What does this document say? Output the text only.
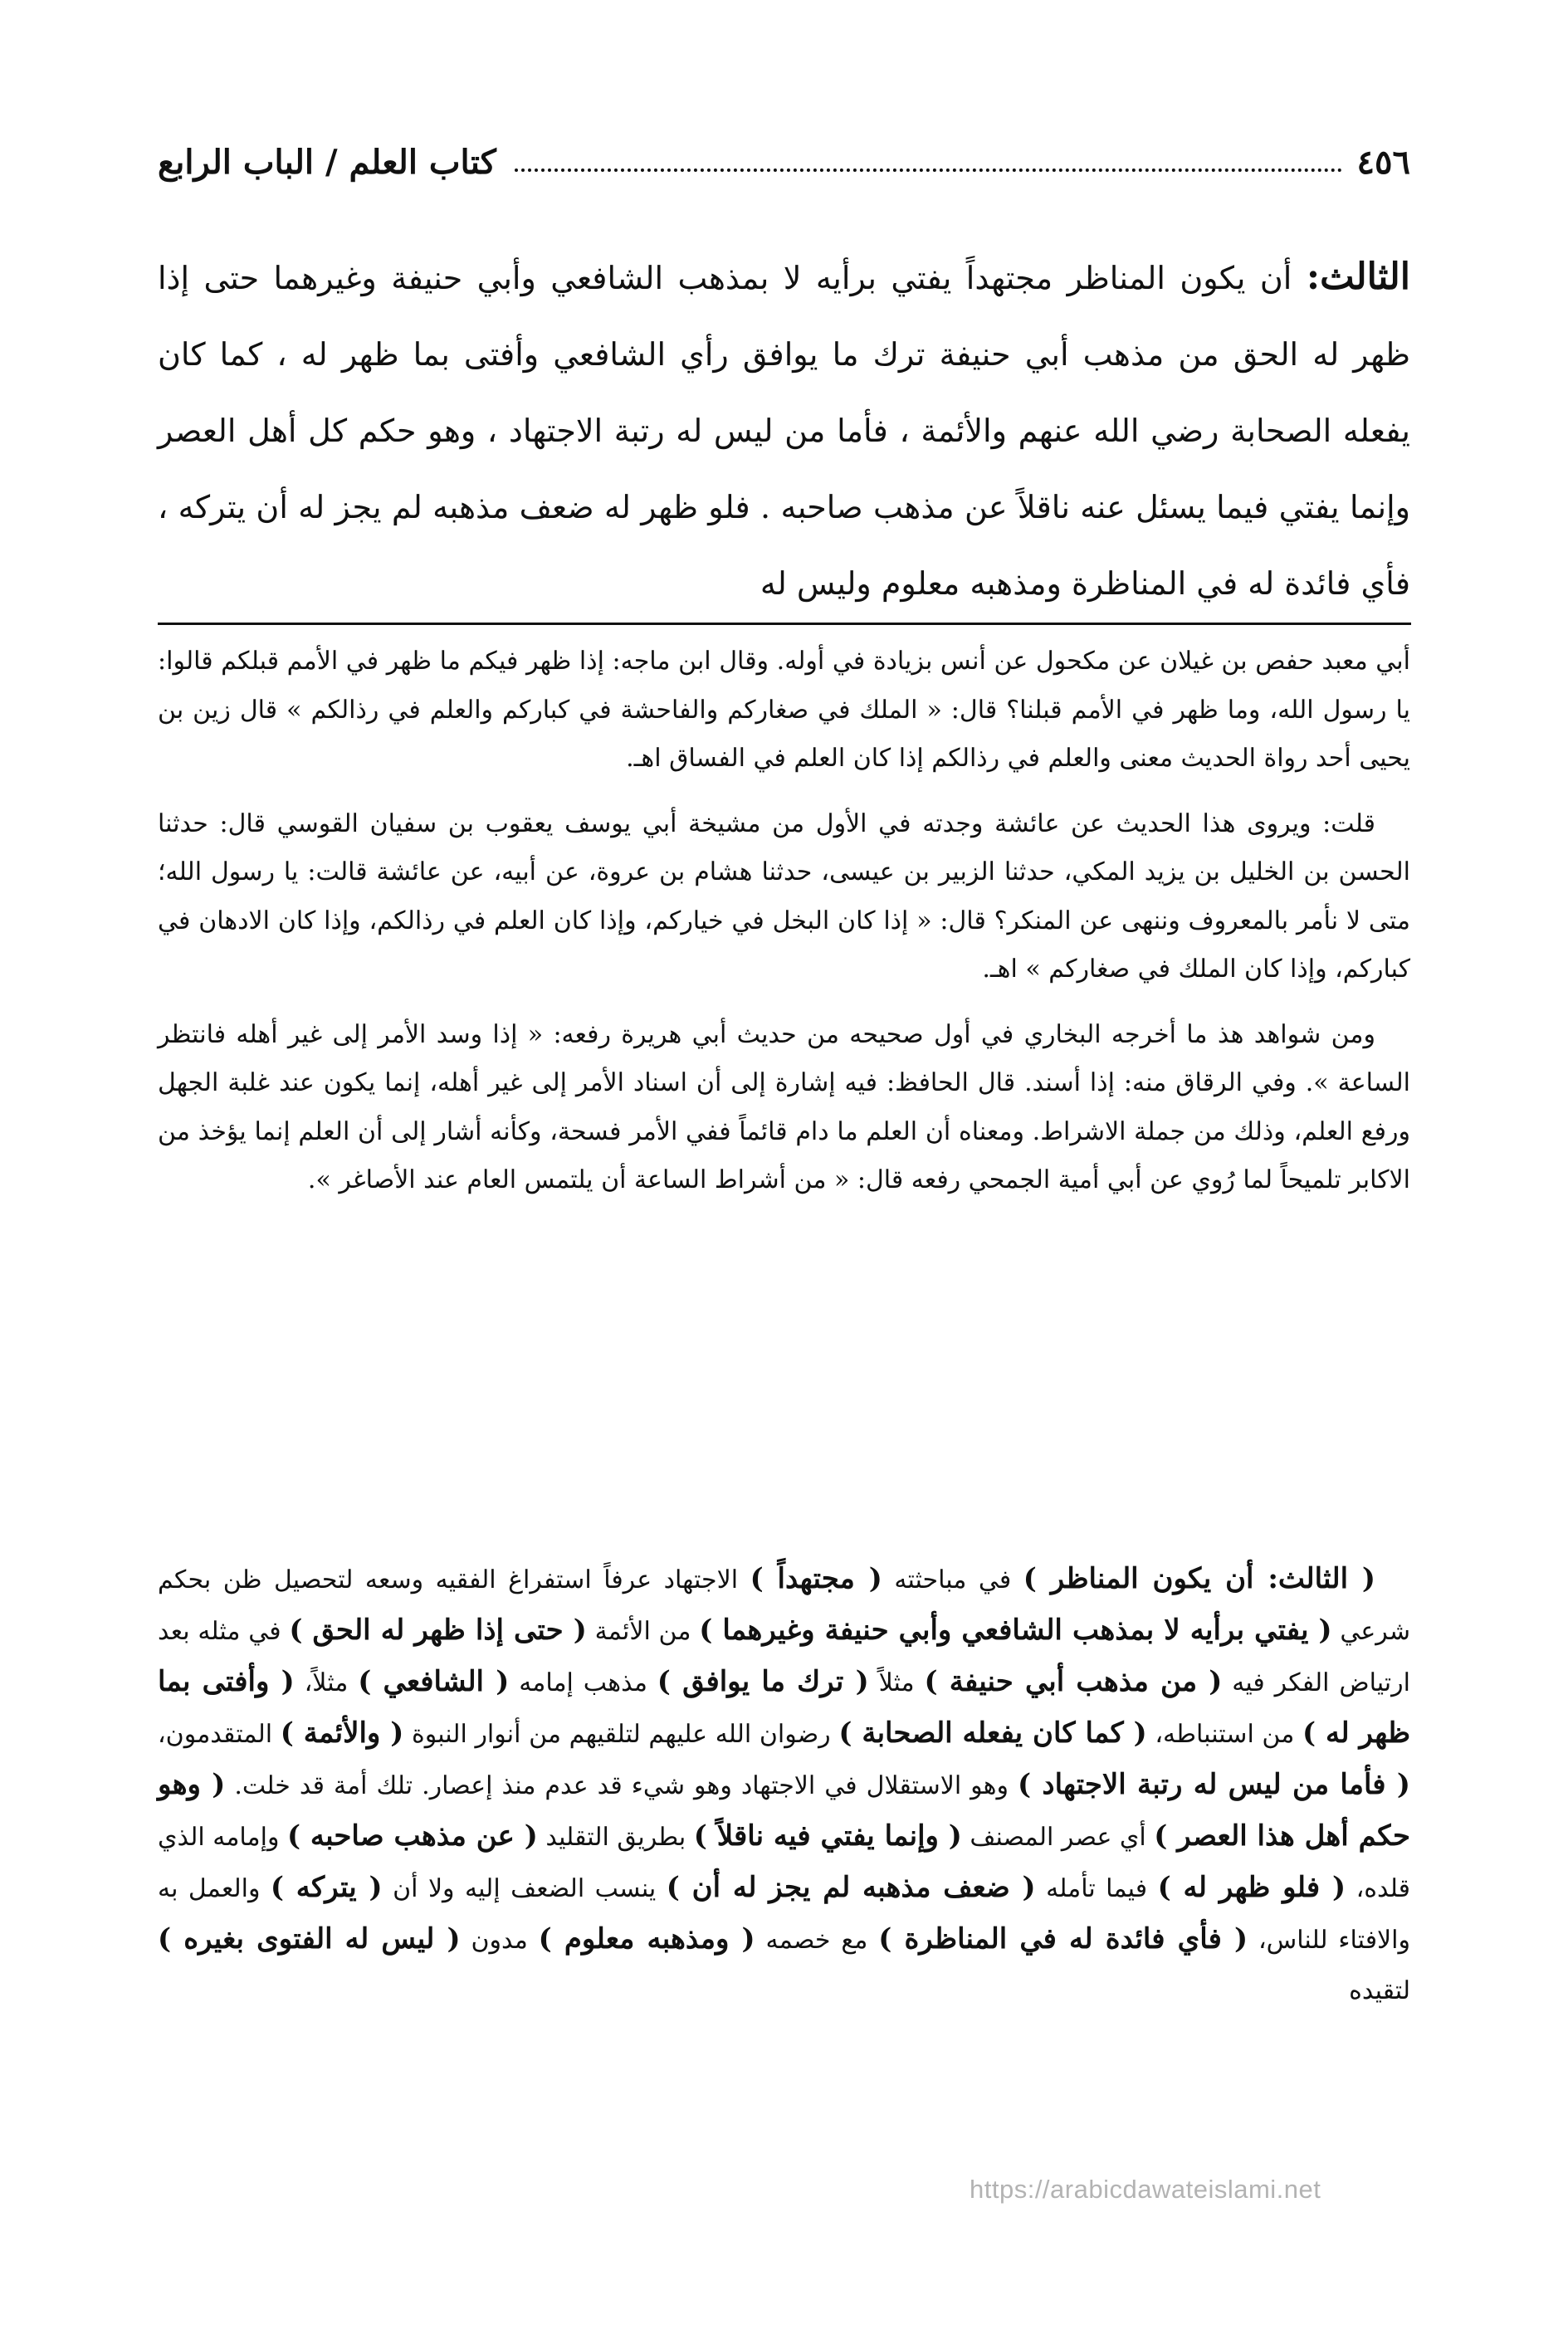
٤٥٦
كتاب العلم / الباب الرابع
الثالث: أن يكون المناظر مجتهداً يفتي برأيه لا بمذهب الشافعي وأبي حنيفة وغيرهما حتى إذا ظهر له الحق من مذهب أبي حنيفة ترك ما يوافق رأي الشافعي وأفتى بما ظهر له ، كما كان يفعله الصحابة رضي الله عنهم والأئمة ، فأما من ليس له رتبة الاجتهاد ، وهو حكم كل أهل العصر وإنما يفتي فيما يسئل عنه ناقلاً عن مذهب صاحبه . فلو ظهر له ضعف مذهبه لم يجز له أن يتركه ، فأي فائدة له في المناظرة ومذهبه معلوم وليس له

أبي معبد حفص بن غيلان عن مكحول عن أنس بزيادة في أوله. وقال ابن ماجه: إذا ظهر فيكم ما ظهر في الأمم قبلكم قالوا: يا رسول الله، وما ظهر في الأمم قبلنا؟ قال: « الملك في صغاركم والفاحشة في كباركم والعلم في رذالكم » قال زين بن يحيى أحد رواة الحديث معنى والعلم في رذالكم إذا كان العلم في الفساق اهـ.

قلت: ويروى هذا الحديث عن عائشة وجدته في الأول من مشيخة أبي يوسف يعقوب بن سفيان القوسي قال: حدثنا الحسن بن الخليل بن يزيد المكي، حدثنا الزبير بن عيسى، حدثنا هشام بن عروة، عن أبيه، عن عائشة قالت: يا رسول الله؛ متى لا نأمر بالمعروف وننهى عن المنكر؟ قال: « إذا كان البخل في خياركم، وإذا كان العلم في رذالكم، وإذا كان الادهان في كباركم، وإذا كان الملك في صغاركم » اهـ.

ومن شواهد هذ ما أخرجه البخاري في أول صحيحه من حديث أبي هريرة رفعه: « إذا وسد الأمر إلى غير أهله فانتظر الساعة ». وفي الرقاق منه: إذا أسند. قال الحافظ: فيه إشارة إلى أن اسناد الأمر إلى غير أهله، إنما يكون عند غلبة الجهل ورفع العلم، وذلك من جملة الاشراط. ومعناه أن العلم ما دام قائماً ففي الأمر فسحة، وكأنه أشار إلى أن العلم إنما يؤخذ من الاكابر تلميحاً لما رُوي عن أبي أمية الجمحي رفعه قال: « من أشراط الساعة أن يلتمس العام عند الأصاغر ».

( الثالث: أن يكون المناظر ) في مباحثته ( مجتهداً ) الاجتهاد عرفاً استفراغ الفقيه وسعه لتحصيل ظن بحكم شرعي ( يفتي برأيه لا بمذهب الشافعي وأبي حنيفة وغيرهما ) من الأئمة ( حتى إذا ظهر له الحق ) في مثله بعد ارتياض الفكر فيه ( من مذهب أبي حنيفة ) مثلاً ( ترك ما يوافق ) مذهب إمامه ( الشافعي ) مثلاً، ( وأفتى بما ظهر له ) من استنباطه، ( كما كان يفعله الصحابة ) رضوان الله عليهم لتلقيهم من أنوار النبوة ( والأئمة ) المتقدمون، ( فأما من ليس له رتبة الاجتهاد ) وهو الاستقلال في الاجتهاد وهو شيء قد عدم منذ إعصار. تلك أمة قد خلت. ( وهو حكم أهل هذا العصر ) أي عصر المصنف ( وإنما يفتي فيه ناقلاً ) بطريق التقليد ( عن مذهب صاحبه ) وإمامه الذي قلده، ( فلو ظهر له ) فيما تأمله ( ضعف مذهبه لم يجز له أن ) ينسب الضعف إليه ولا أن ( يتركه ) والعمل به والافتاء للناس، ( فأي فائدة له في المناظرة ) مع خصمه ( ومذهبه معلوم ) مدون ( ليس له الفتوى بغيره ) لتقيده
https://arabicdawateislami.net
